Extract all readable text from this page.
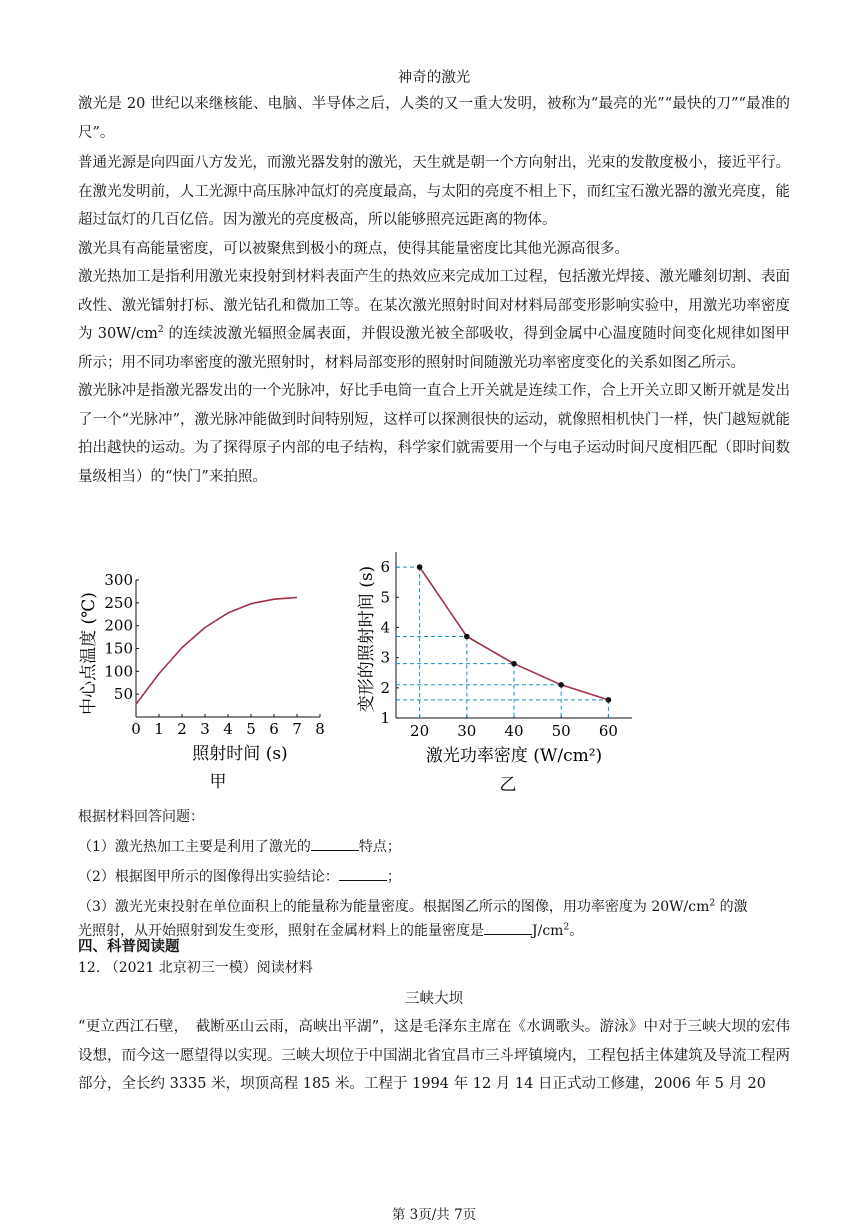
神奇的激光

激光是 20 世纪以来继核能、电脑、半导体之后，人类的又一重大发明，被称为“最亮的光”“最快的刀”“最准的尺”。

普通光源是向四面八方发光，而激光器发射的激光，天生就是朝一个方向射出，光束的发散度极小，接近平行。在激光发明前，人工光源中高压脉冲氙灯的亮度最高，与太阳的亮度不相上下，而红宝石激光器的激光亮度，能超过氙灯的几百亿倍。因为激光的亮度极高，所以能够照亮远距离的物体。

激光具有高能量密度，可以被聚焦到极小的斑点，使得其能量密度比其他光源高很多。

激光热加工是指利用激光束投射到材料表面产生的热效应来完成加工过程，包括激光焊接、激光雕刻切割、表面改性、激光镭射打标、激光钻孔和微加工等。在某次激光照射时间对材料局部变形影响实验中，用激光功率密度为 $30W/cm^2$ 的连续波激光辐照金属表面，并假设激光被全部吸收，得到金属中心温度随时间变化规律如图甲所示；用不同功率密度的激光照射时，材料局部变形的照射时间随激光功率密度变化的关系如图乙所示。

激光脉冲是指激光器发出的一个光脉冲，好比手电筒一直合上开关就是连续工作，合上开关立即又断开就是发出了一个“光脉冲”，激光脉冲能做到时间特别短，这样可以探测很快的运动，就像照相机快门一样，快门越短就能拍出越快的运动。为了探得原子内部的电子结构，科学家们就需要用一个与电子运动时间尺度相匹配（即时间数量级相当）的“快门”来拍照。

0 1 2 3 4 5 6 7 8
50
100
150
200
250
300
照射时间 (s)
中心点温度 (℃)
甲
20 30 40 50 60
1
2
3
4
5
6
激光功率密度 (W/cm²)
变形的照射时间 (s)
乙
根据材料回答问题：
（1）激光热加工主要是利用了激光的	特点；
（2）根据图甲所示的图像得出实验结论：	；
（3）激光光束投射在单位面积上的能量称为能量密度。根据图乙所示的图像，用功率密度为 $20W/cm^2$ 的激
光照射，从开始照射到发生变形，照射在金属材料上的能量密度是	$J/cm^2$。
四、科普阅读题
12. （2021 北京初三一模）阅读材料
三峡大坝

“更立西江石壁，　截断巫山云雨，高峡出平湖”，这是毛泽东主席在《水调歌头。游泳》中对于三峡大坝的宏伟设想，而今这一愿望得以实现。三峡大坝位于中国湖北省宜昌市三斗坪镇境内，工程包括主体建筑及导流工程两部分，全长约 3335 米，坝顶高程 185 米。工程于 1994 年 12 月 14 日正式动工修建，2006 年 5 月 20

第 3页/共 7页
